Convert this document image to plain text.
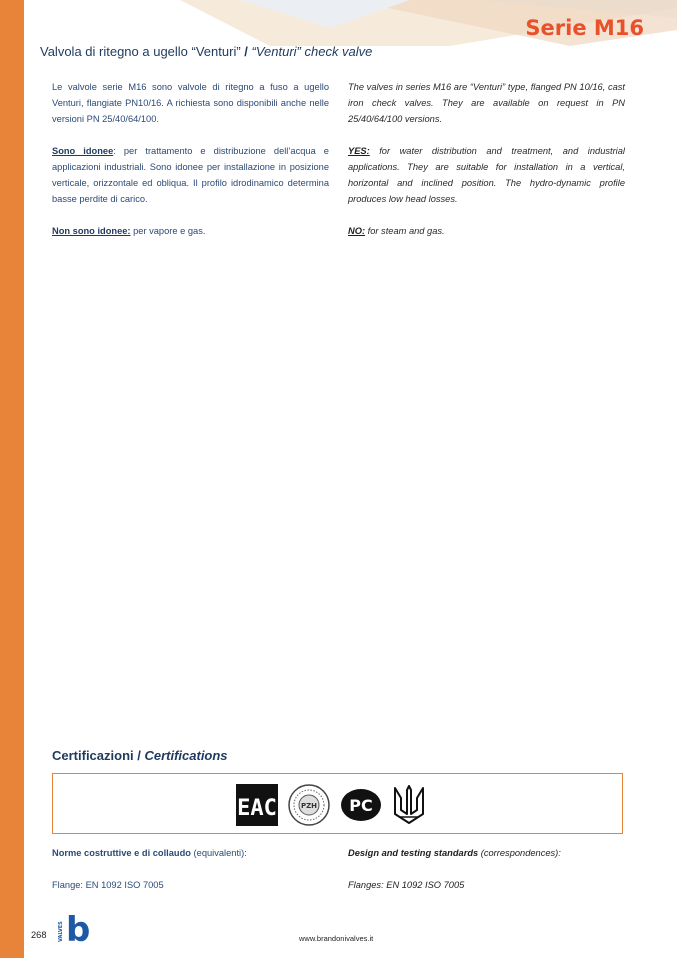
Serie M16
Valvola di ritegno a ugello “Venturi” / “Venturi” check valve

Le valvole serie M16 sono valvole di ritegno a fuso a ugello Venturi, flangiate PN10/16. A richiesta sono disponibili anche nelle versioni PN 25/40/64/100.

Sono idonee: per trattamento e distribuzione dell’acqua e applicazioni industriali. Sono idonee per installazione in posizione verticale, orizzontale ed obliqua. Il profilo idrodinamico determina basse perdite di carico.

Non sono idonee: per vapore e gas.

The valves in series M16 are “Venturi” type, flanged PN 10/16, cast iron check valves. They are available on request in PN 25/40/64/100 versions.

YES: for water distribution and treatment, and industrial applications. They are suitable for installation in a vertical, horizontal and inclined position. The hydro-dynamic profile produces low head losses.

NO: for steam and gas.

Certificazioni / Certifications
EAC	PZH PC
Norme costruttive e di collaudo (equivalenti):	Design and testing standards (correspondences):
Flange: EN 1092 ISO 7005	Flanges: EN 1092 ISO 7005
268 VALVES b	www.brandonivalves.it
